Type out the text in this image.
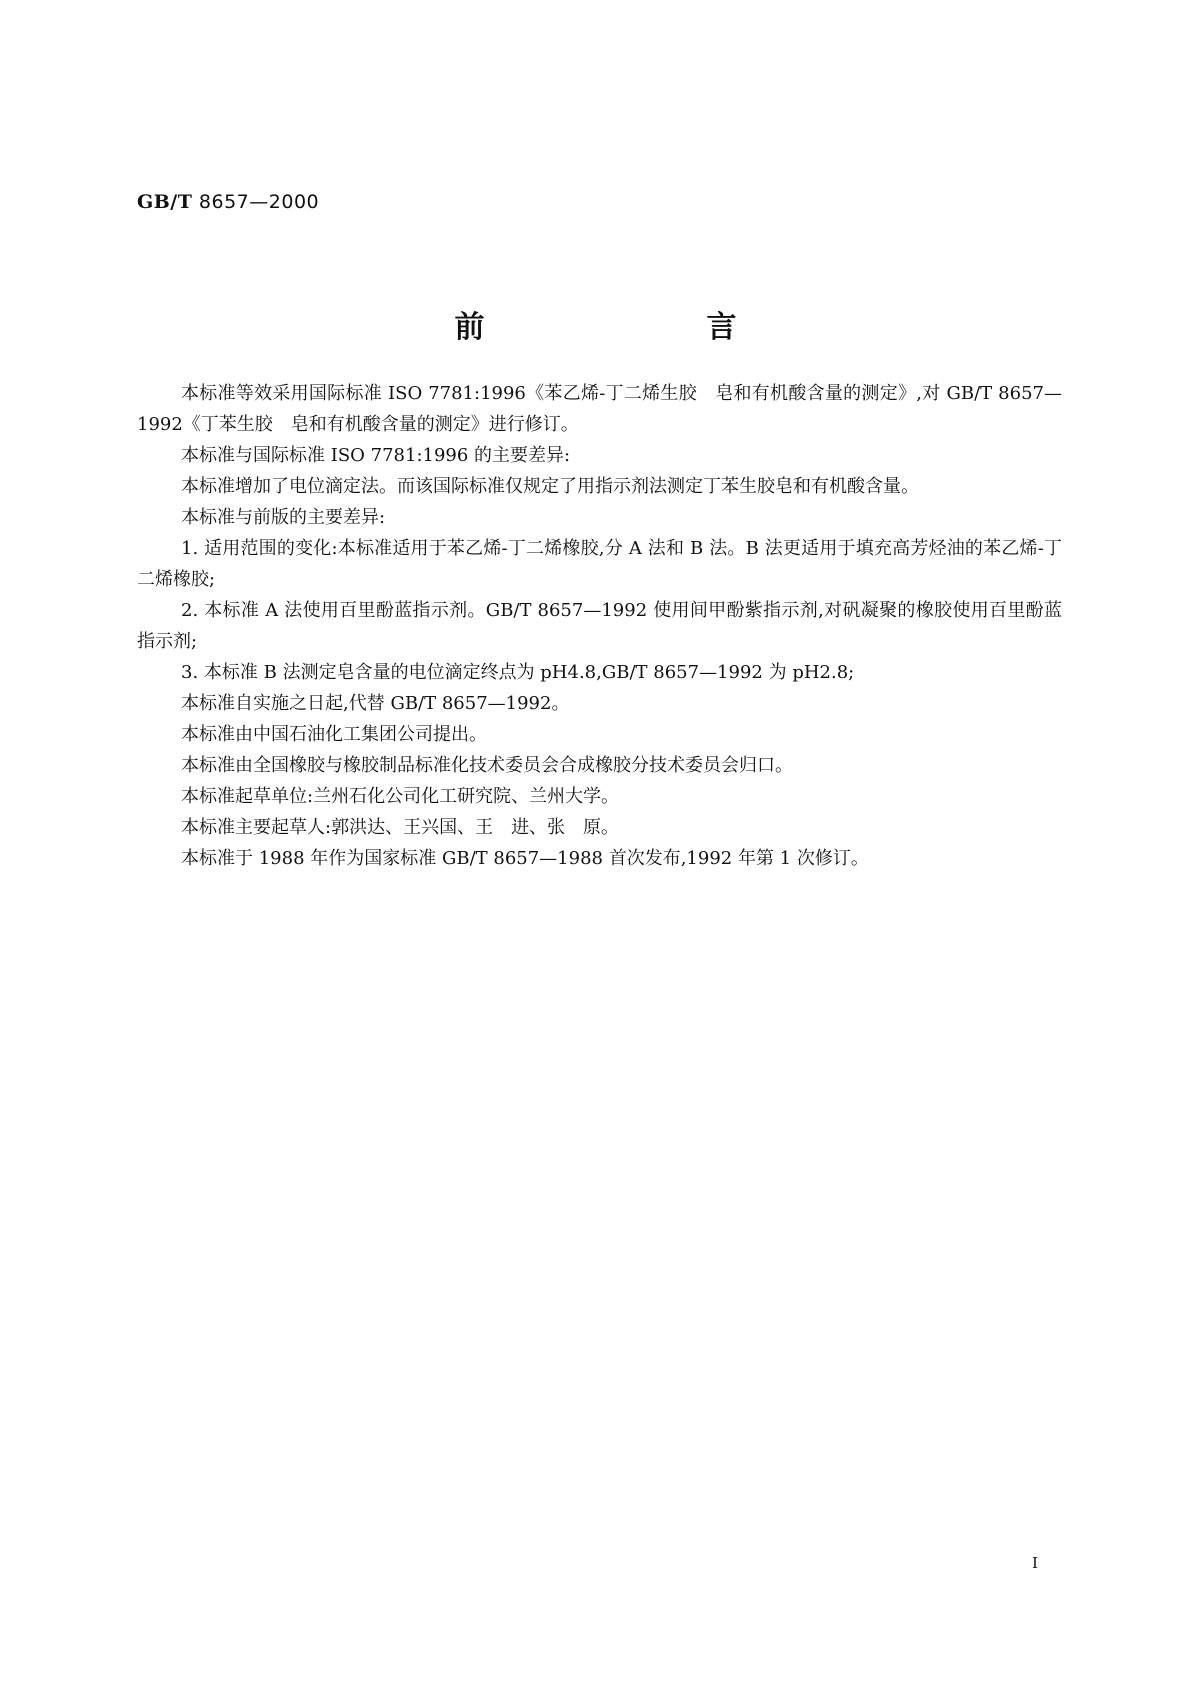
GB/T 8657—2000
前　言

本标准等效采用国际标准 ISO 7781:1996《苯乙烯-丁二烯生胶　皂和有机酸含量的测定》,对 GB/T 8657—1992《丁苯生胶　皂和有机酸含量的测定》进行修订。

本标准与国际标准 ISO 7781:1996 的主要差异:

本标准增加了电位滴定法。而该国际标准仅规定了用指示剂法测定丁苯生胶皂和有机酸含量。

本标准与前版的主要差异:

1. 适用范围的变化:本标准适用于苯乙烯-丁二烯橡胶,分 A 法和 B 法。B 法更适用于填充高芳烃油的苯乙烯-丁二烯橡胶;

2. 本标准 A 法使用百里酚蓝指示剂。GB/T 8657—1992 使用间甲酚紫指示剂,对矾凝聚的橡胶使用百里酚蓝指示剂;

3. 本标准 B 法测定皂含量的电位滴定终点为 pH4.8,GB/T 8657—1992 为 pH2.8;

本标准自实施之日起,代替 GB/T 8657—1992。

本标准由中国石油化工集团公司提出。

本标准由全国橡胶与橡胶制品标准化技术委员会合成橡胶分技术委员会归口。

本标准起草单位:兰州石化公司化工研究院、兰州大学。

本标准主要起草人:郭洪达、王兴国、王　进、张　原。

本标准于 1988 年作为国家标准 GB/T 8657—1988 首次发布,1992 年第 1 次修订。

I
